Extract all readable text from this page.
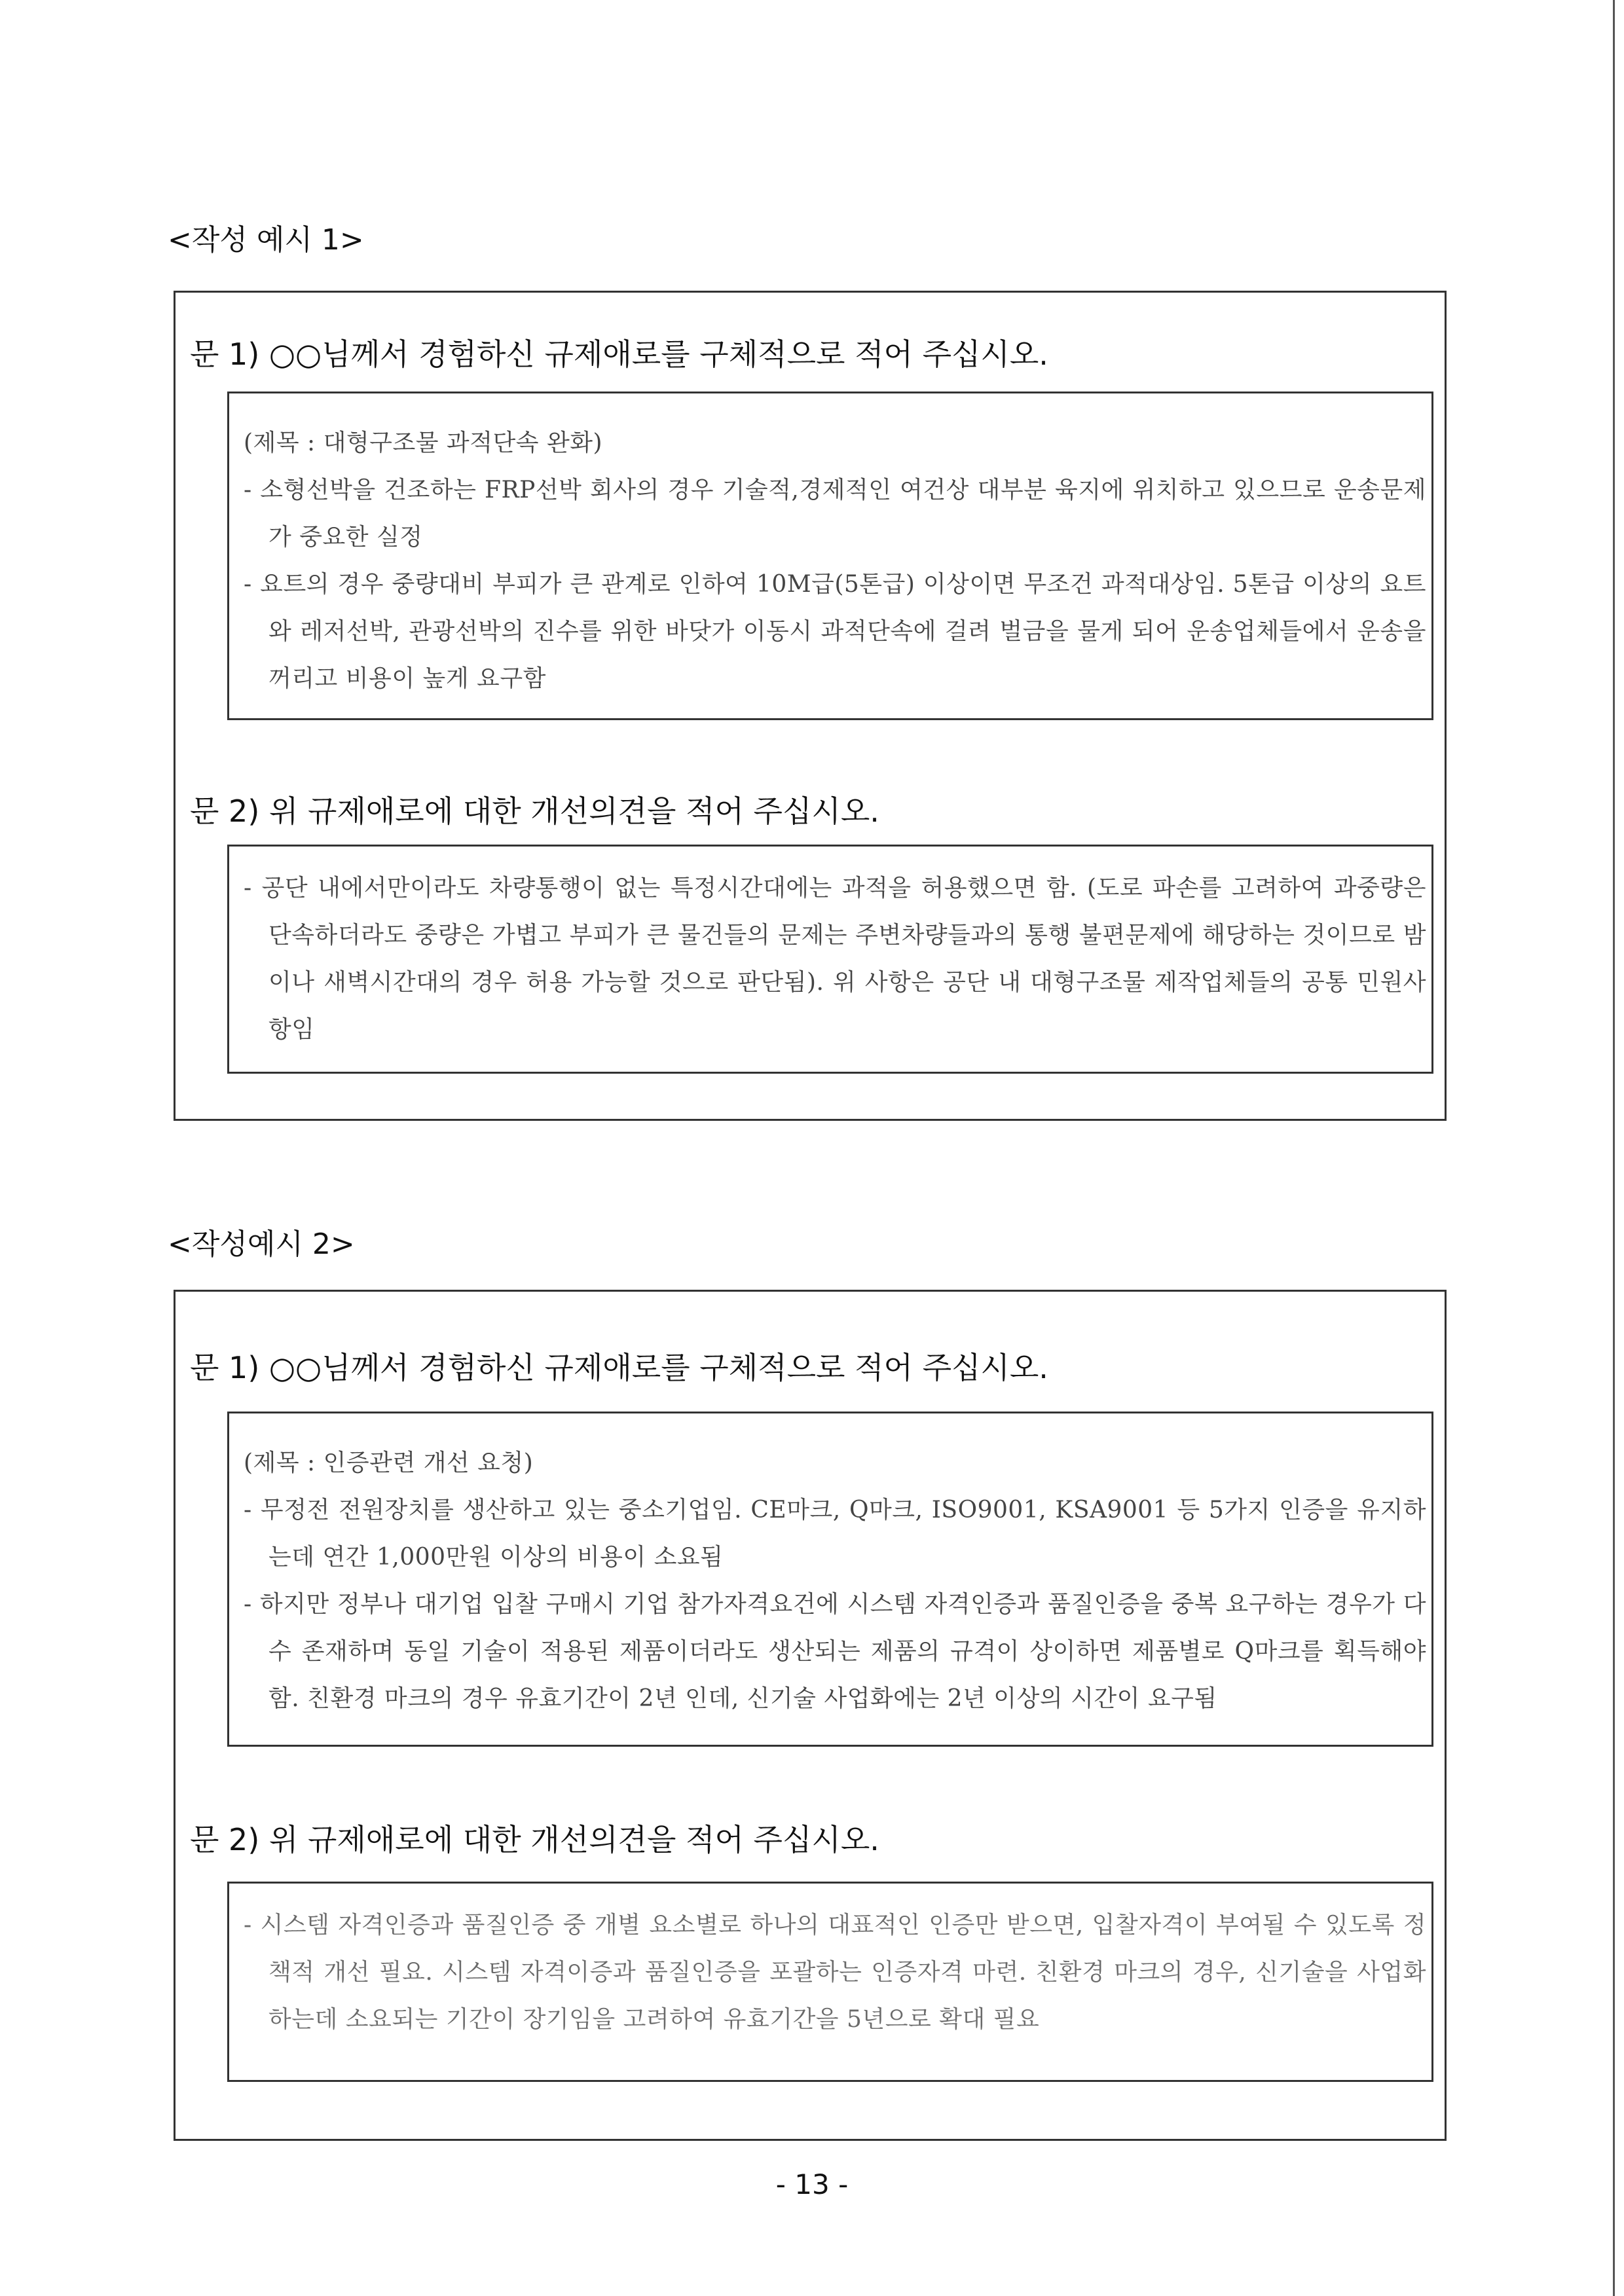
<작성 예시 1>
문 1) ○○님께서 경험하신 규제애로를 구체적으로 적어 주십시오.

(제목 : 대형구조물 과적단속 완화)

- 소형선박을 건조하는 FRP선박 회사의 경우 기술적,경제적인 여건상 대부분 육지에 위치하고 있으므로 운송문제가 중요한 실정

- 요트의 경우 중량대비 부피가 큰 관계로 인하여 10M급(5톤급) 이상이면 무조건 과적대상임. 5톤급 이상의 요트와 레저선박, 관광선박의 진수를 위한 바닷가 이동시 과적단속에 걸려 벌금을 물게 되어 운송업체들에서 운송을 꺼리고 비용이 높게 요구함

문 2) 위 규제애로에 대한 개선의견을 적어 주십시오.

- 공단 내에서만이라도 차량통행이 없는 특정시간대에는 과적을 허용했으면 함. (도로 파손를 고려하여 과중량은 단속하더라도 중량은 가볍고 부피가 큰 물건들의 문제는 주변차량들과의 통행 불편문제에 해당하는 것이므로 밤이나 새벽시간대의 경우 허용 가능할 것으로 판단됨). 위 사항은 공단 내 대형구조물 제작업체들의 공통 민원사항임

<작성예시 2>
문 1) ○○님께서 경험하신 규제애로를 구체적으로 적어 주십시오.

(제목 : 인증관련 개선 요청)

- 무정전 전원장치를 생산하고 있는 중소기업임. CE마크, Q마크, ISO9001, KSA9001 등 5가지 인증을 유지하는데 연간 1,000만원 이상의 비용이 소요됨

- 하지만 정부나 대기업 입찰 구매시 기업 참가자격요건에 시스템 자격인증과 품질인증을 중복 요구하는 경우가 다수 존재하며 동일 기술이 적용된 제품이더라도 생산되는 제품의 규격이 상이하면 제품별로 Q마크를 획득해야 함. 친환경 마크의 경우 유효기간이 2년 인데, 신기술 사업화에는 2년 이상의 시간이 요구됨

문 2) 위 규제애로에 대한 개선의견을 적어 주십시오.

- 시스템 자격인증과 품질인증 중 개별 요소별로 하나의 대표적인 인증만 받으면, 입찰자격이 부여될 수 있도록 정책적 개선 필요. 시스템 자격이증과 품질인증을 포괄하는 인증자격 마련. 친환경 마크의 경우, 신기술을 사업화하는데 소요되는 기간이 장기임을 고려하여 유효기간을 5년으로 확대 필요

- 13 -
